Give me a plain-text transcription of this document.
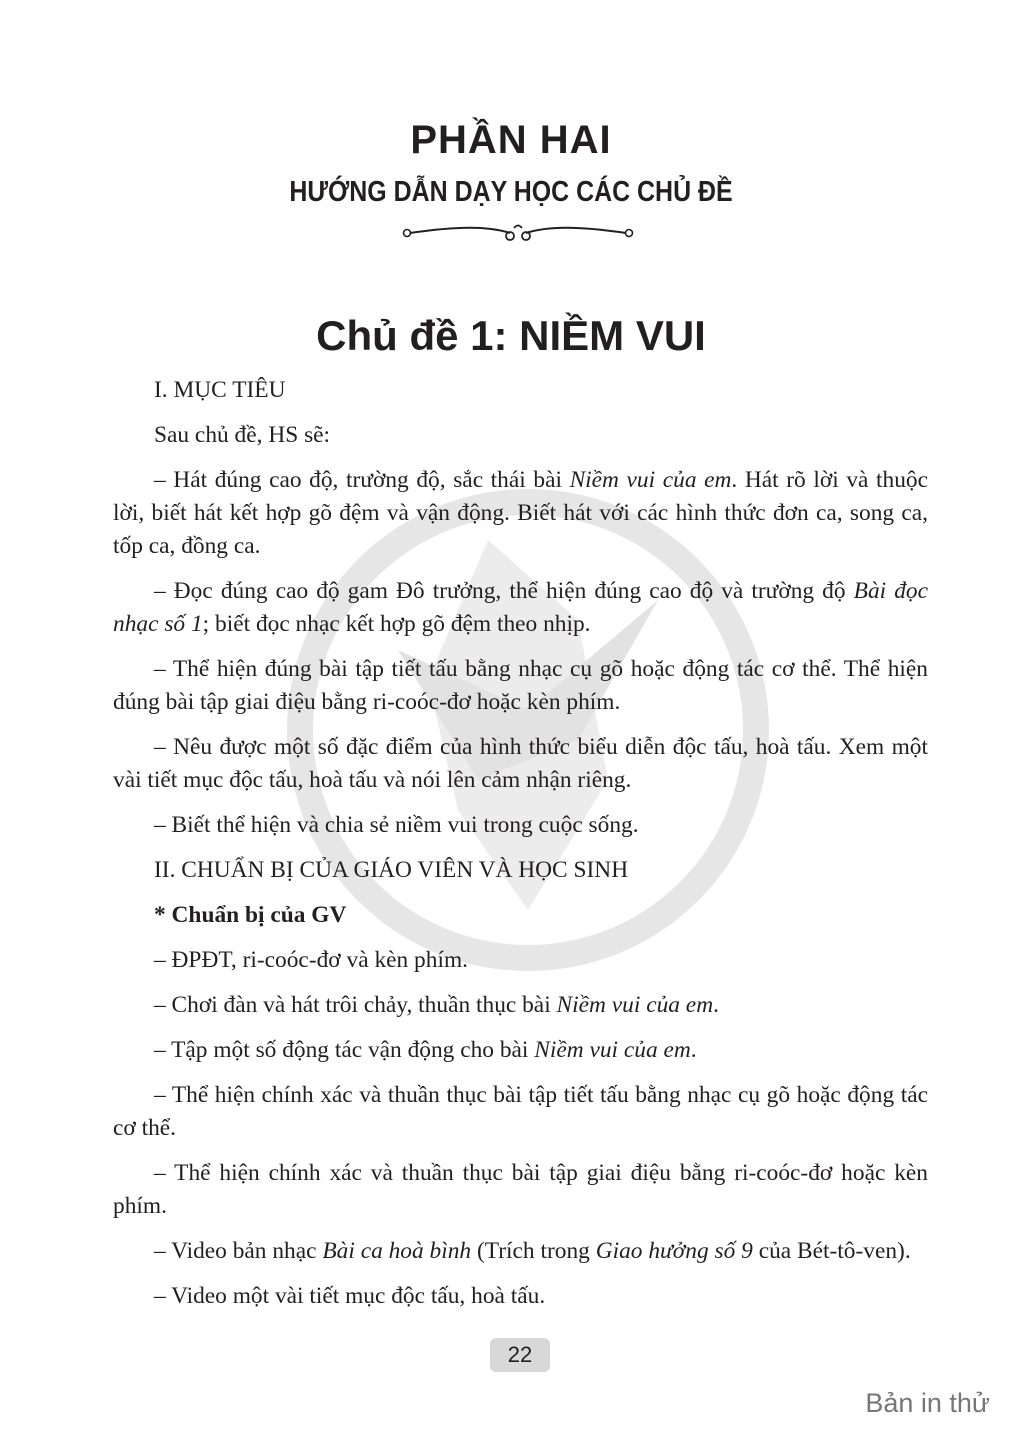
PHẦN HAI
HƯỚNG DẪN DẠY HỌC CÁC CHỦ ĐỀ
Chủ đề 1: NIỀM VUI

I. MỤC TIÊU

Sau chủ đề, HS sẽ:

– Hát đúng cao độ, trường độ, sắc thái bài Niềm vui của em. Hát rõ lời và thuộc lời, biết hát kết hợp gõ đệm và vận động. Biết hát với các hình thức đơn ca, song ca, tốp ca, đồng ca.

– Đọc đúng cao độ gam Đô trưởng, thể hiện đúng cao độ và trường độ Bài đọc nhạc số 1; biết đọc nhạc kết hợp gõ đệm theo nhịp.

– Thể hiện đúng bài tập tiết tấu bằng nhạc cụ gõ hoặc động tác cơ thể. Thể hiện đúng bài tập giai điệu bằng ri-coóc-đơ hoặc kèn phím.

– Nêu được một số đặc điểm của hình thức biểu diễn độc tấu, hoà tấu. Xem một vài tiết mục độc tấu, hoà tấu và nói lên cảm nhận riêng.

– Biết thể hiện và chia sẻ niềm vui trong cuộc sống.

II. CHUẨN BỊ CỦA GIÁO VIÊN VÀ HỌC SINH

* Chuẩn bị của GV

– ĐPĐT, ri-coóc-đơ và kèn phím.

– Chơi đàn và hát trôi chảy, thuần thục bài Niềm vui của em.

– Tập một số động tác vận động cho bài Niềm vui của em.

– Thể hiện chính xác và thuần thục bài tập tiết tấu bằng nhạc cụ gõ hoặc động tác cơ thể.

– Thể hiện chính xác và thuần thục bài tập giai điệu bằng ri-coóc-đơ hoặc kèn phím.

– Video bản nhạc Bài ca hoà bình (Trích trong Giao hưởng số 9 của Bét-tô-ven).

– Video một vài tiết mục độc tấu, hoà tấu.

22
Bản in thử
